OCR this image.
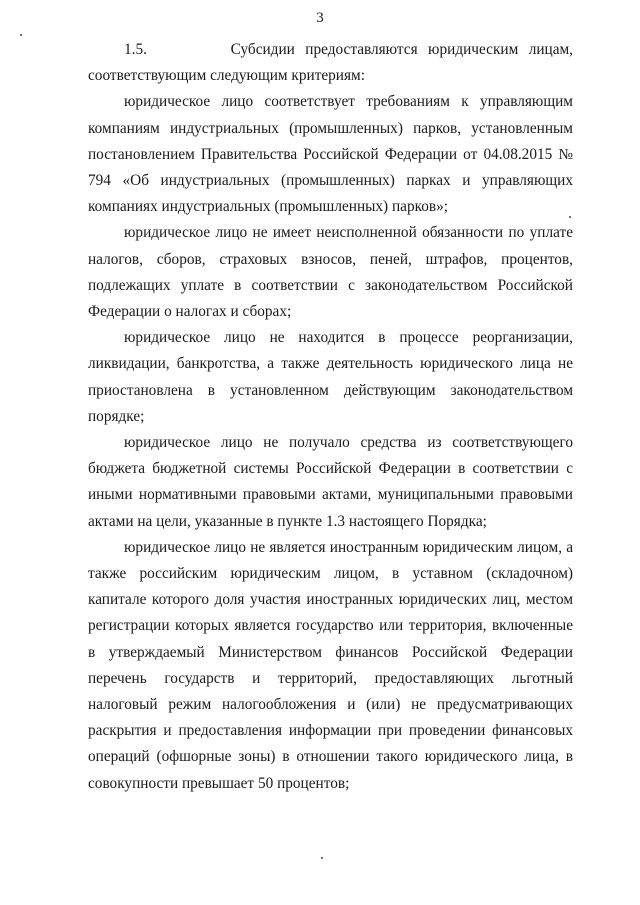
3

1.5.	Субсидии предоставляются юридическим лицам, соответствующим следующим критериям:

юридическое лицо соответствует требованиям к управляющим компаниям индустриальных (промышленных) парков, установленным постановлением Правительства Российской Федерации от 04.08.2015 № 794 «Об индустриальных (промышленных) парках и управляющих компаниях индустриальных (промышленных) парков»;

юридическое лицо не имеет неисполненной обязанности по уплате налогов, сборов, страховых взносов, пеней, штрафов, процентов, подлежащих уплате в соответствии с законодательством Российской Федерации о налогах и сборах;

юридическое лицо не находится в процессе реорганизации, ликвидации, банкротства, а также деятельность юридического лица не приостановлена в установленном действующим законодательством порядке;

юридическое лицо не получало средства из соответствующего бюджета бюджетной системы Российской Федерации в соответствии с иными нормативными правовыми актами, муниципальными правовыми актами на цели, указанные в пункте 1.3 настоящего Порядка;

юридическое лицо не является иностранным юридическим лицом, а также российским юридическим лицом, в уставном (складочном) капитале которого доля участия иностранных юридических лиц, местом регистрации которых является государство или территория, включенные в утверждаемый Министерством финансов Российской Федерации перечень государств и территорий, предоставляющих льготный налоговый режим налогообложения и (или) не предусматривающих раскрытия и предоставления информации при проведении финансовых операций (офшорные зоны) в отношении такого юридического лица, в совокупности превышает 50 процентов;
